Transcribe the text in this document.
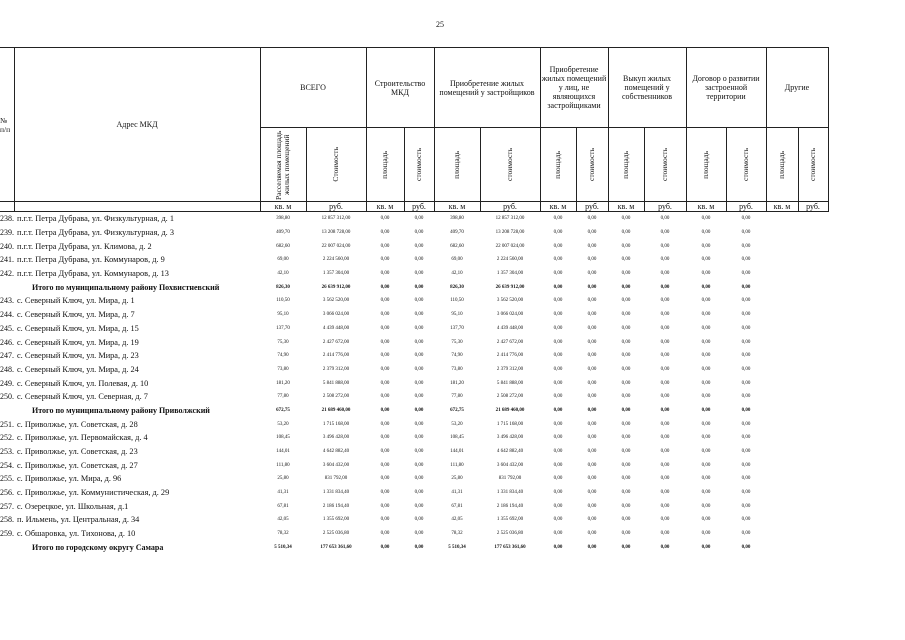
25
№ п/п	Адрес МКД	ВСЕГО		Строительство МКД		Приобретение жилых помещений у застройщиков		Приобретение жилых помещений у лиц, не являющихся застройщиками		Выкуп жилых помещений у собственников		Договор о развитии застроенной территории		Другие	

		Расселяемая площадь жилых помещений	Стоимость	площадь	стоимость	площадь	стоимость	площадь	стоимость	площадь	стоимость	площадь	стоимость	площадь	стоимость

		кв. м	руб.	кв. м	руб.	кв. м	руб.	кв. м	руб.	кв. м	руб.	кв. м	руб.	кв. м	руб.
238.	п.г.т. Петра Дубрава, ул. Физкультурная, д. 1	398,80	12 857 312,00	0,00	0,00	398,80	12 857 312,00	0,00	0,00	0,00	0,00	0,00	0,00		
239.	п.г.т. Петра Дубрава, ул. Физкультурная, д. 3	409,70	13 208 728,00	0,00	0,00	409,70	13 208 728,00	0,00	0,00	0,00	0,00	0,00	0,00		
240.	п.г.т. Петра Дубрава, ул. Климова, д. 2	682,60	22 007 024,00	0,00	0,00	682,60	22 007 024,00	0,00	0,00	0,00	0,00	0,00	0,00		
241.	п.г.т. Петра Дубрава, ул. Коммунаров, д. 9	69,00	2 224 560,00	0,00	0,00	69,00	2 224 560,00	0,00	0,00	0,00	0,00	0,00	0,00		
242.	п.г.т. Петра Дубрава, ул. Коммунаров, д. 13	42,10	1 357 304,00	0,00	0,00	42,10	1 357 304,00	0,00	0,00	0,00	0,00	0,00	0,00		
	Итого по муниципальному району Похвистневский	826,30	26 639 912,00	0,00	0,00	826,30	26 639 912,00	0,00	0,00	0,00	0,00	0,00	0,00		
243.	с. Северный Ключ, ул. Мира, д. 1	110,50	3 562 520,00	0,00	0,00	110,50	3 562 520,00	0,00	0,00	0,00	0,00	0,00	0,00		
244.	с. Северный Ключ, ул. Мира, д. 7	95,10	3 066 024,00	0,00	0,00	95,10	3 066 024,00	0,00	0,00	0,00	0,00	0,00	0,00		
245.	с. Северный Ключ, ул. Мира, д. 15	137,70	4 439 448,00	0,00	0,00	137,70	4 439 448,00	0,00	0,00	0,00	0,00	0,00	0,00		
246.	с. Северный Ключ, ул. Мира, д. 19	75,30	2 427 672,00	0,00	0,00	75,30	2 427 672,00	0,00	0,00	0,00	0,00	0,00	0,00		
247.	с. Северный Ключ, ул. Мира, д. 23	74,90	2 414 776,00	0,00	0,00	74,90	2 414 776,00	0,00	0,00	0,00	0,00	0,00	0,00		
248.	с. Северный Ключ, ул. Мира, д. 24	73,80	2 379 312,00	0,00	0,00	73,80	2 379 312,00	0,00	0,00	0,00	0,00	0,00	0,00		
249.	с. Северный Ключ, ул. Полевая, д. 10	181,20	5 841 888,00	0,00	0,00	181,20	5 841 888,00	0,00	0,00	0,00	0,00	0,00	0,00		
250.	с. Северный Ключ, ул. Северная, д. 7	77,80	2 508 272,00	0,00	0,00	77,80	2 508 272,00	0,00	0,00	0,00	0,00	0,00	0,00		
	Итого по муниципальному району Приволжский	672,75	21 689 460,00	0,00	0,00	672,75	21 689 460,00	0,00	0,00	0,00	0,00	0,00	0,00		
251.	с. Приволжье, ул. Советская, д. 28	53,20	1 715 168,00	0,00	0,00	53,20	1 715 168,00	0,00	0,00	0,00	0,00	0,00	0,00		
252.	с. Приволжье, ул. Первомайская, д. 4	108,45	3 496 428,00	0,00	0,00	108,45	3 496 428,00	0,00	0,00	0,00	0,00	0,00	0,00		
253.	с. Приволжье, ул. Советская, д. 23	144,01	4 642 882,40	0,00	0,00	144,01	4 642 882,40	0,00	0,00	0,00	0,00	0,00	0,00		
254.	с. Приволжье, ул. Советская, д. 27	111,80	3 604 432,00	0,00	0,00	111,80	3 604 432,00	0,00	0,00	0,00	0,00	0,00	0,00		
255.	с. Приволжье, ул. Мира, д. 96	25,80	831 792,00	0,00	0,00	25,80	831 792,00	0,00	0,00	0,00	0,00	0,00	0,00		
256.	с. Приволжье, ул. Коммунистическая, д. 29	41,31	1 331 834,40	0,00	0,00	41,31	1 331 834,40	0,00	0,00	0,00	0,00	0,00	0,00		
257.	с. Озерецкое, ул. Школьная, д.1	67,81	2 186 194,40	0,00	0,00	67,81	2 186 194,40	0,00	0,00	0,00	0,00	0,00	0,00		
258.	п. Ильмень, ул. Центральная, д. 34	42,05	1 355 692,00	0,00	0,00	42,05	1 355 692,00	0,00	0,00	0,00	0,00	0,00	0,00		
259.	с. Обшаровка, ул. Тихонова, д. 10	78,32	2 525 036,80	0,00	0,00	78,32	2 525 036,80	0,00	0,00	0,00	0,00	0,00	0,00		
	Итого по городскому округу Самара	5 510,34	177 653 361,60	0,00	0,00	5 510,34	177 653 361,60	0,00	0,00	0,00	0,00	0,00	0,00		
